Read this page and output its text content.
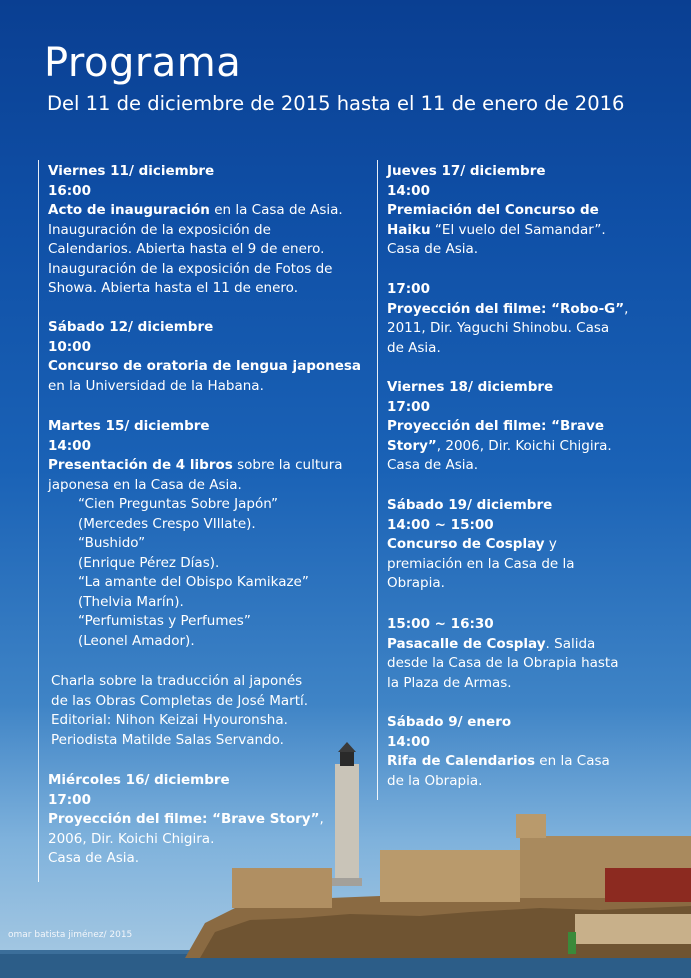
Programa

Del 11 de diciembre de 2015 hasta el 11 de enero de 2016

Viernes 11/ diciembre

16:00

Acto de inauguración en la Casa de Asia.

Inauguración de la exposición de

Calendarios. Abierta hasta el 9 de enero.

Inauguración de la exposición de Fotos de

Showa. Abierta hasta el 11 de enero.

Sábado 12/ diciembre

10:00

Concurso de oratoria de lengua japonesa

en la Universidad de la Habana.

Martes 15/ diciembre

14:00

Presentación de 4 libros sobre la cultura

japonesa en la Casa de Asia.

“Cien Preguntas Sobre Japón”

(Mercedes Crespo VIllate).

“Bushido”

(Enrique Pérez Días).

“La amante del Obispo Kamikaze”

(Thelvia Marín).

“Perfumistas y Perfumes”

(Leonel Amador).

Charla sobre la traducción al japonés

de las Obras Completas de José Martí.

Editorial: Nihon Keizai Hyouronsha.

Periodista Matilde Salas Servando.

Miércoles 16/ diciembre

17:00

Proyección del filme: “Brave Story”,

2006, Dir. Koichi Chigira.

Casa de Asia.

Jueves 17/ diciembre

14:00

Premiación del Concurso de

Haiku “El vuelo del Samandar”.

Casa de Asia.

17:00

Proyección del filme: “Robo-G”,

2011, Dir. Yaguchi Shinobu. Casa

de Asia.

Viernes 18/ diciembre

17:00

Proyección del filme: “Brave

Story”, 2006, Dir. Koichi Chigira.

Casa de Asia.

Sábado 19/ diciembre

14:00 ~ 15:00

Concurso de Cosplay y

premiación en la Casa de la

Obrapia.

15:00 ~ 16:30

Pasacalle de Cosplay. Salida

desde la Casa de la Obrapia hasta

la Plaza de Armas.

Sábado 9/ enero

14:00

Rifa de Calendarios en la Casa

de la Obrapia.

omar batista jiménez/ 2015
